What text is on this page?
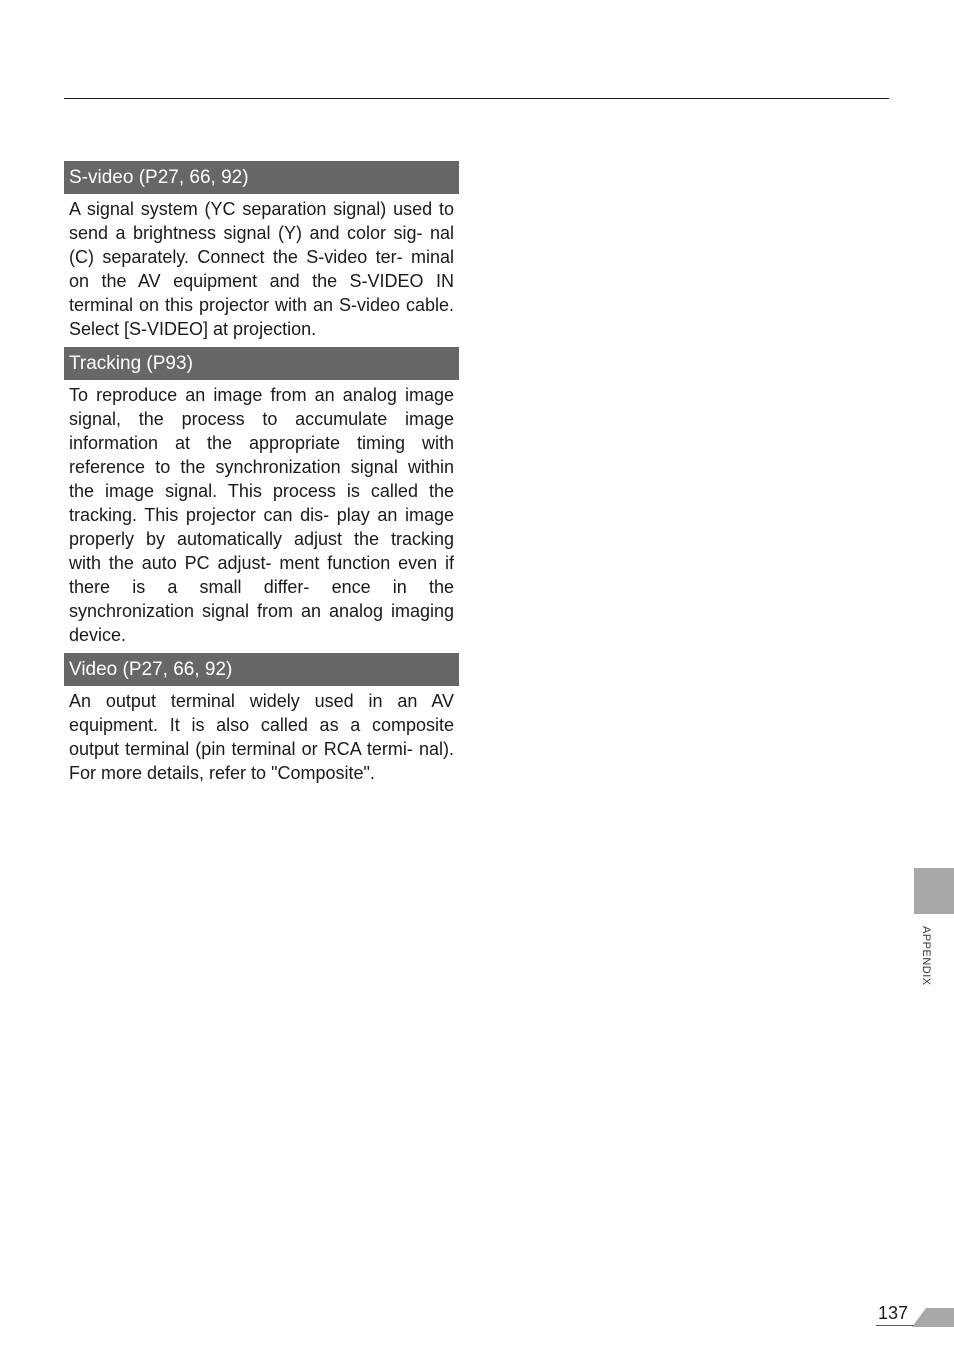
S-video (P27, 66, 92)

A signal system (YC separation signal) used to send a brightness signal (Y) and color sig- nal (C) separately. Connect the S-video ter- minal on the AV equipment and the S-VIDEO IN terminal on this projector with an S-video cable. Select [S-VIDEO] at projection.

Tracking (P93)

To reproduce an image from an analog image signal, the process to accumulate image information at the appropriate timing with reference to the synchronization signal within the image signal. This process is called the tracking. This projector can dis- play an image properly by automatically adjust the tracking with the auto PC adjust- ment function even if there is a small differ- ence in the synchronization signal from an analog imaging device.

Video (P27, 66, 92)

An output terminal widely used in an AV equipment. It is also called as a composite output terminal (pin terminal or RCA termi- nal). For more details, refer to "Composite".

APPENDIX
137
